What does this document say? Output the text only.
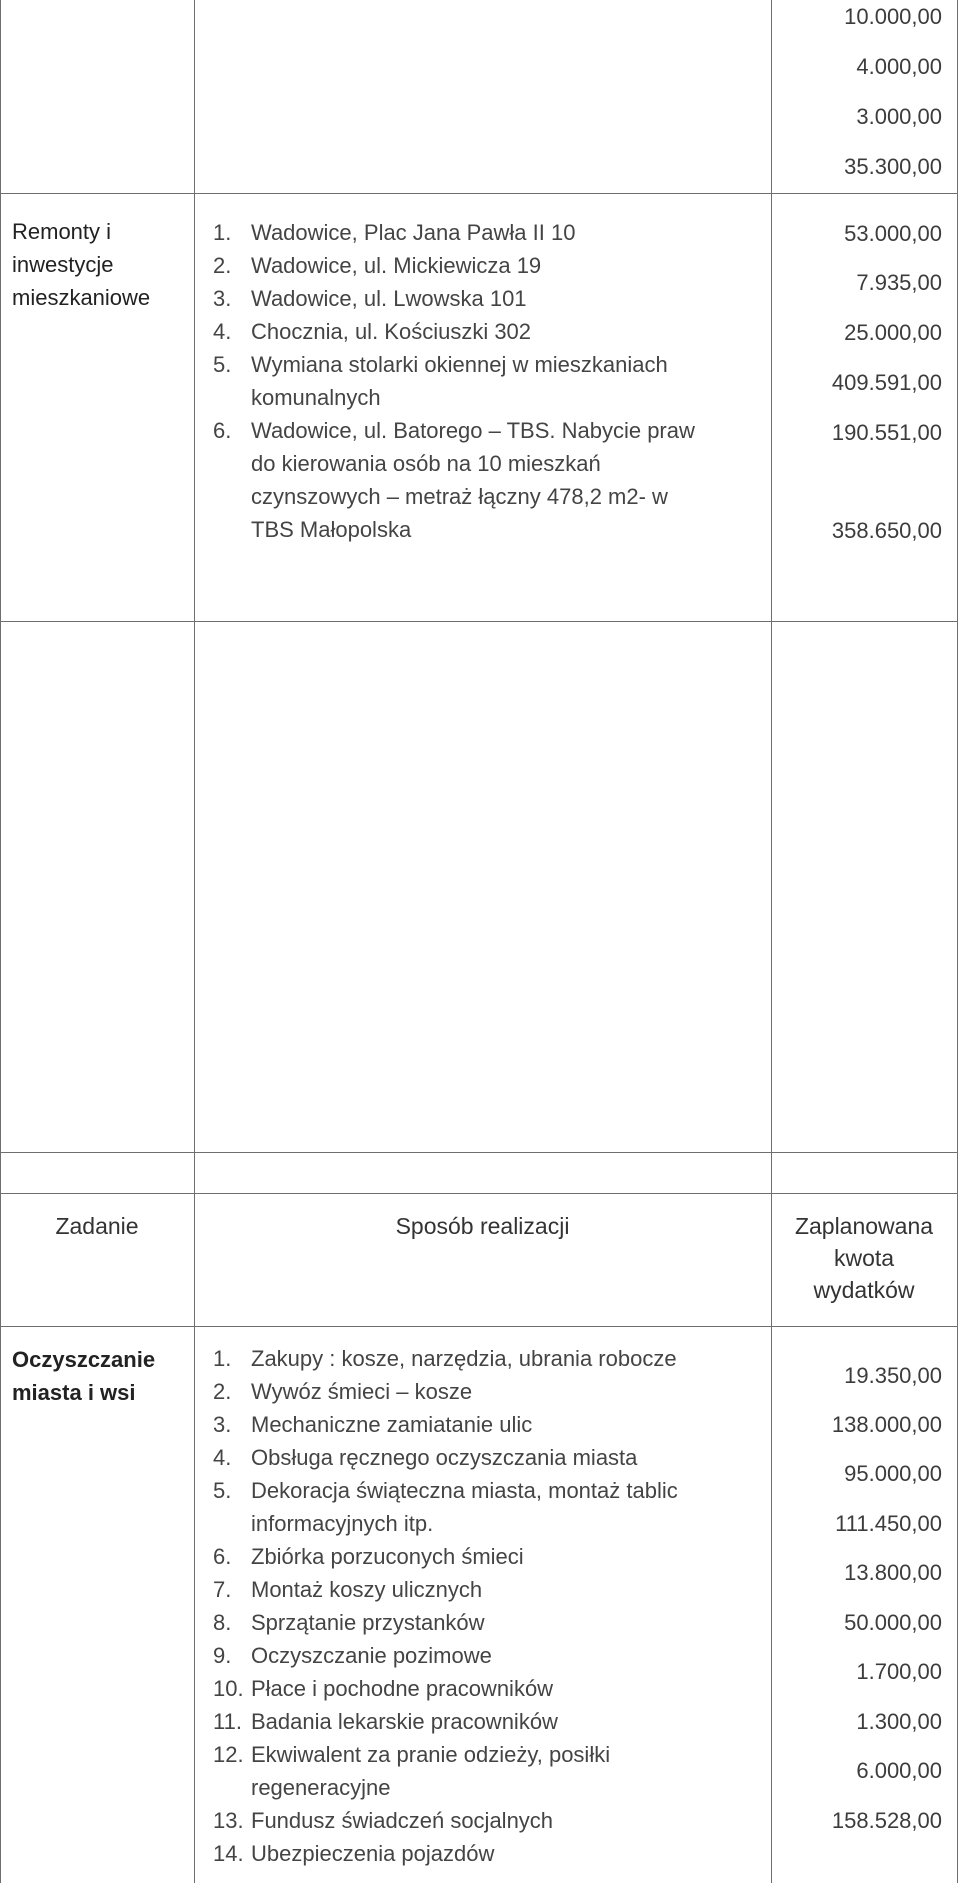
10.000,00
4.000,00
3.000,00
35.300,00
Remonty i
inwestycje
mieszkaniowe
1. Wadowice, Plac Jana Pawła II 10
2. Wadowice, ul. Mickiewicza 19
3. Wadowice, ul. Lwowska 101
4. Chocznia, ul. Kościuszki 302
5. Wymiana stolarki okiennej w mieszkaniach
komunalnych
6. Wadowice, ul. Batorego – TBS. Nabycie praw
do kierowania osób na 10 mieszkań
czynszowych – metraż łączny 478,2 m2- w
TBS Małopolska
53.000,00
7.935,00
25.000,00
409.591,00
190.551,00
358.650,00
Zadanie	Sposób realizacji	Zaplanowana
kwota
wydatków
Oczyszczanie
miasta i wsi
1. Zakupy : kosze, narzędzia, ubrania robocze
2. Wywóz śmieci – kosze
3. Mechaniczne zamiatanie ulic
4. Obsługa ręcznego oczyszczania miasta
5. Dekoracja świąteczna miasta, montaż tablic
informacyjnych itp.
6. Zbiórka porzuconych śmieci
7. Montaż koszy ulicznych
8. Sprzątanie przystanków
9. Oczyszczanie pozimowe
10. Płace i pochodne pracowników
11. Badania lekarskie pracowników
12. Ekwiwalent za pranie odzieży, posiłki
regeneracyjne
13. Fundusz świadczeń socjalnych
14. Ubezpieczenia pojazdów
19.350,00
138.000,00
95.000,00
111.450,00
13.800,00
50.000,00
1.700,00
1.300,00
6.000,00
158.528,00
